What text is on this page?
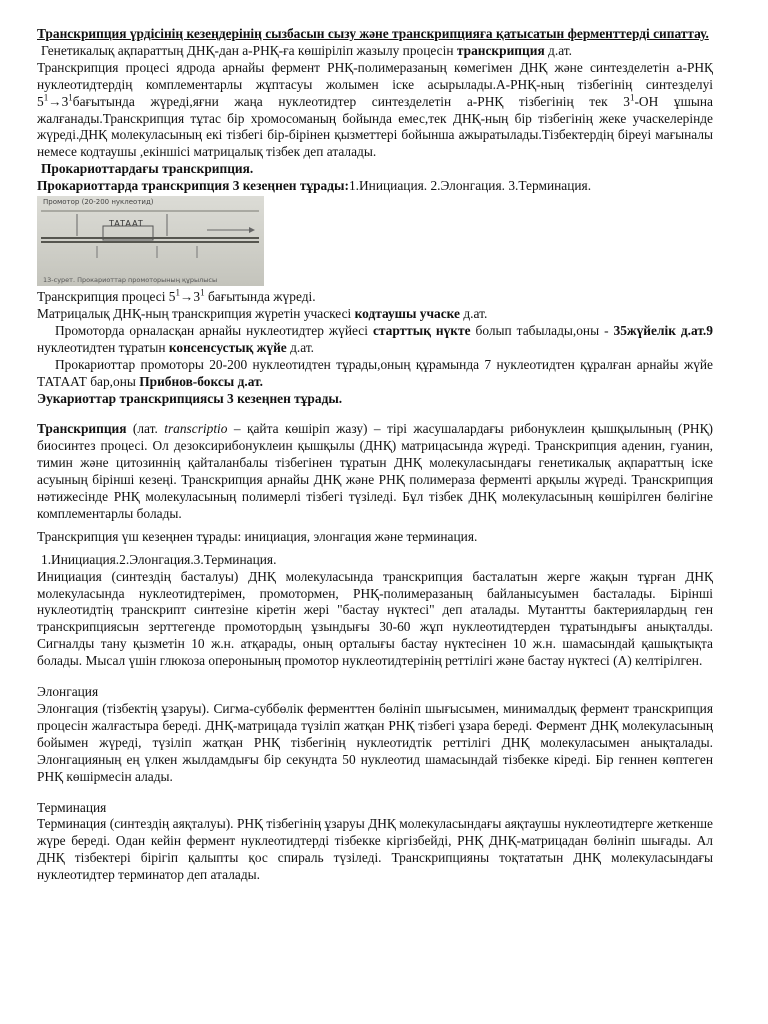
Транскрипция үрдісінің кезеңдерінің сызбасын сызу және транскрипцияға қатысатын ферменттерді сипаттау.

Генетикалық ақпараттың ДНҚ-дан а-РНҚ-ға көшіріліп жазылу процесін транскрипция д.ат.

Транскрипция процесі ядрода арнайы фермент РНҚ-полимеразаның көмегімен ДНҚ және синтезделетін а-РНҚ нуклеотидтердің комплементарлы жұптасуы жолымен іске асырылады.А-РНҚ-ның тізбегінің синтезделуі $5^1\to 3^1бағытында$ жүреді,яғни жаңа нуклеотидтер синтезделетін а-РНҚ тізбегінің тек $3^1-ОН$ ұшына жалғанады.Транскрипция тұтас бір хромосоманың бойында емес,тек ДНҚ-ның бір тізбегінің жеке учаскелерінде жүреді.ДНҚ молекуласының екі тізбегі бір-бірінен қызметтері бойынша ажыратылады.Тізбектердің біреуі мағыналы немесе кодтаушы ,екіншісі матрицалық тізбек деп аталады.

Прокариоттардағы транскрипция.

Прокариоттарда транскрипция 3 кезеңнен тұрады:1.Инициация. 2.Элонгация. 3.Терминация.

Промотор (20-200 нуклеотид)
TATAAT
13-сурет. Прокариоттар промоторының құрылысы

Транскрипция процесі $5^1\to 3^1$ бағытында жүреді.

Матрицалық ДНҚ-ның транскрипция жүретін учаскесі кодтаушы учаске д.ат.

Промотордa орналасқан арнайы нуклеотидтер жүйесі старттық нүкте болып табылады,оны - 35жүйелік д.ат.9 нуклеотидтен тұратын консенсустық жүйе д.ат.

Прокариоттар промоторы 20-200 нуклеотидтен тұрады,оның құрамында 7 нуклеотидтен құралған арнайы жүйе ТАТААТ бар,оны Прибнов-боксы д.ат.

Эукариоттар транскрипциясы 3 кезеңнен тұрады.

Транскрипция (лат. transcriptio – қайта көшіріп жазу) – тірі жасушалардағы рибонуклеин қышқылының (РНҚ) биосинтез процесі. Ол дезоксирибонуклеин қышқылы (ДНҚ) матрицасында жүреді. Транскрипция аденин, гуанин, тимин және цитозиннің қайталанбалы тізбегінен тұратын ДНҚ молекуласындағы генетикалық ақпараттың іске асуының бірінші кезеңі. Транскрипция арнайы ДНҚ және РНҚ полимераза ферменті арқылы жүреді. Транскрипция нәтижесінде РНҚ молекуласының полимерлі тізбегі түзіледі. Бұл тізбек ДНҚ молекуласының көшірілген бөлігіне комплементарлы болады.

Транскрипция үш кезеңнен тұрады: инициация, элонгация және терминация.

1.Инициация.2.Элонгация.3.Терминация.

Инициация (синтездің басталуы) ДНҚ молекуласында транскрипция басталатын жерге жақын тұрған ДНҚ молекуласында нуклеотидтерімен, промотормен, РНҚ-полимеразаның байланысуымен басталады. Бірінші нуклеотидтің транскрипт синтезіне кіретін жері "бастау нүктесі" деп аталады. Мутантты бактериялардың ген транскрипциясын зерттегенде промотордың ұзындығы 30-60 жұп нуклеотидтерден тұратындығы анықталды. Сигналды тану қызметін 10 ж.н. атқарады, оның орталығы бастау нүктесінен 10 ж.н. шамасындай қашықтықта болады. Мысал үшін глюкоза оперонының промотор нуклеотидтерінің реттілігі және бастау нүктесі (А) келтірілген.

Элонгация

Элонгация (тізбектің ұзаруы). Сигма-суббөлік ферменттен бөлініп шығысымен, минималдық фермент транскрипция процесін жалғастыра береді. ДНҚ-матрицада түзіліп жатқан РНҚ тізбегі ұзара береді. Фермент ДНҚ молекуласының бойымен жүреді, түзіліп жатқан РНҚ тізбегінің нуклеотидтік реттілігі ДНҚ молекуласымен анықталады. Элонгацияның ең үлкен жылдамдығы бір секундта 50 нуклеотид шамасындай тізбекке кіреді. Бір геннен көптеген РНҚ көшірмесін алады.

Терминация

Терминация (синтездің аяқталуы). РНҚ тізбегінің ұзаруы ДНҚ молекуласындағы аяқтаушы нуклеотидтерге жеткенше жүре береді. Одан кейін фермент нуклеотидтерді тізбекке кіргізбейді, РНҚ ДНҚ-матрицадан бөлініп шығады. Ал ДНҚ тізбектері бірігіп қалыпты қос спираль түзіледі. Транскрипцияны тоқтататын ДНҚ молекуласындағы нуклеотидтер терминатор деп аталады.
